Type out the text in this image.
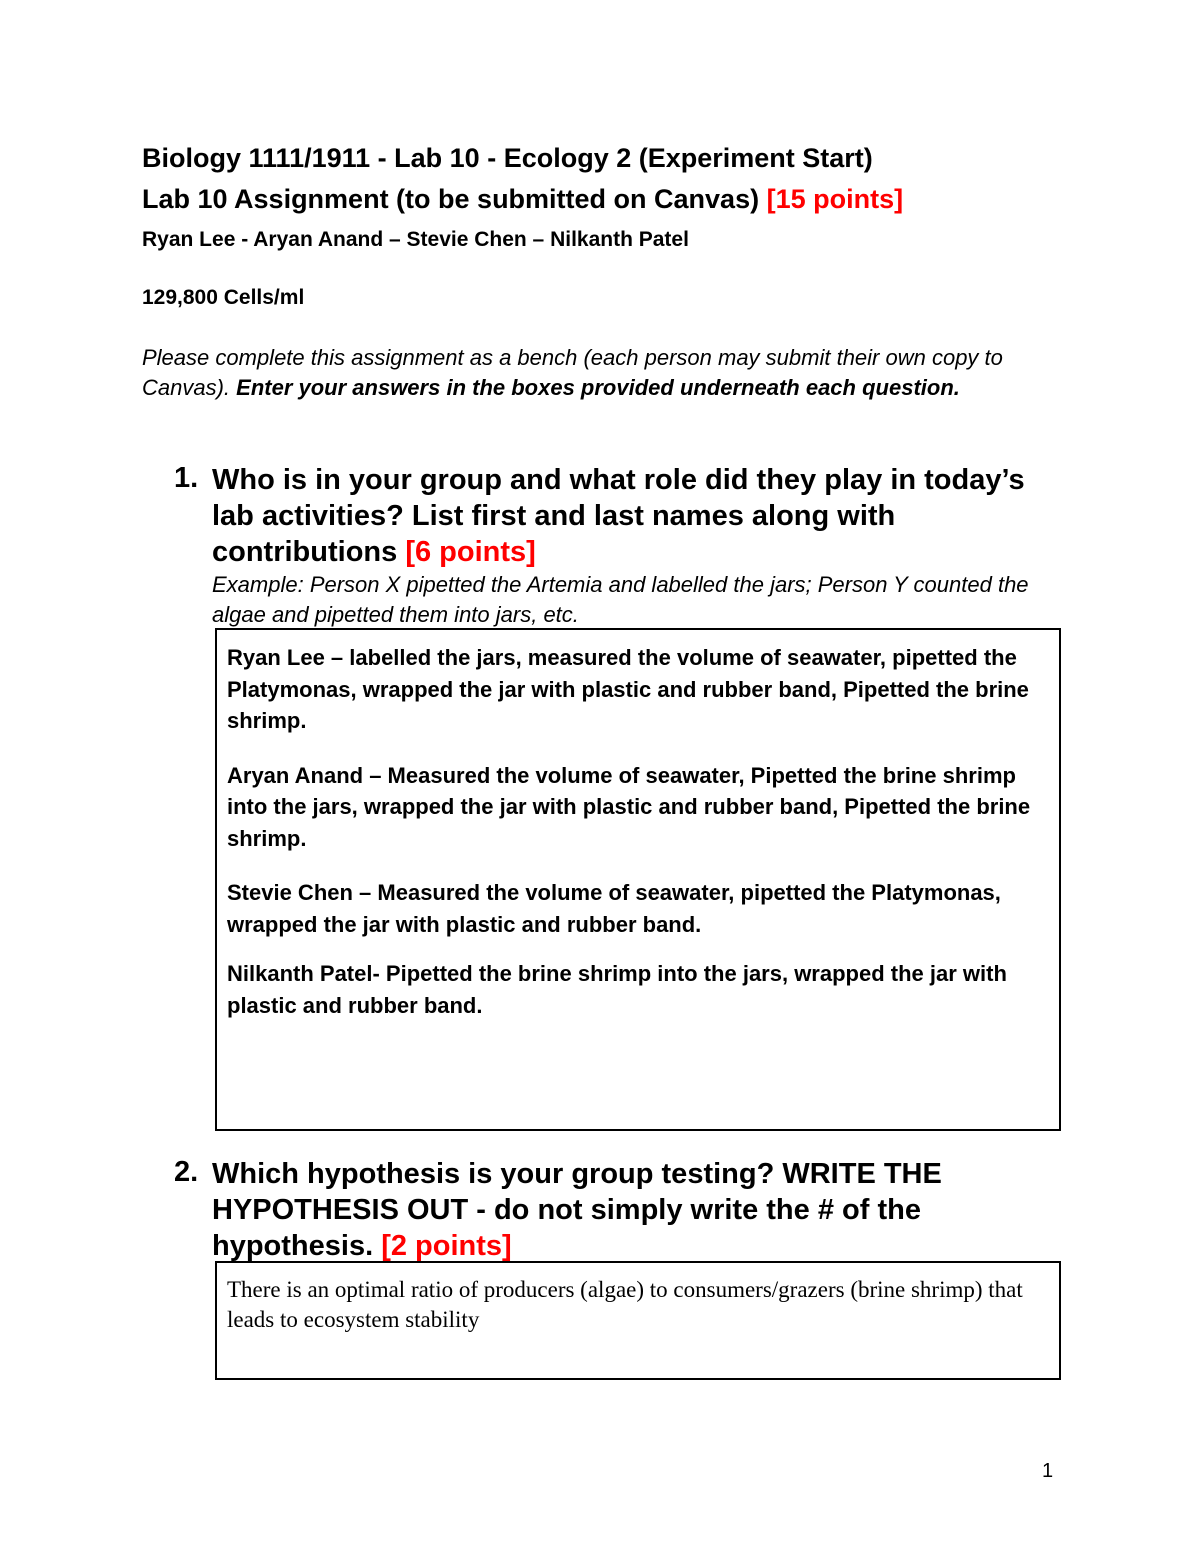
Biology 1111/1911 - Lab 10 - Ecology 2 (Experiment Start)
Lab 10 Assignment (to be submitted on Canvas) [15 points]
Ryan Lee - Aryan Anand – Stevie Chen – Nilkanth Patel
129,800 Cells/ml
Please complete this assignment as a bench (each person may submit their own copy to Canvas). Enter your answers in the boxes provided underneath each question.
1. Who is in your group and what role did they play in today’s lab activities? List first and last names along with contributions [6 points]
Example: Person X pipetted the Artemia and labelled the jars; Person Y counted the algae and pipetted them into jars, etc.
Ryan Lee – labelled the jars, measured the volume of seawater, pipetted the Platymonas, wrapped the jar with plastic and rubber band, Pipetted the brine shrimp.
Aryan Anand – Measured the volume of seawater, Pipetted the brine shrimp into the jars, wrapped the jar with plastic and rubber band, Pipetted the brine shrimp.
Stevie Chen – Measured the volume of seawater, pipetted the Platymonas, wrapped the jar with plastic and rubber band.
Nilkanth Patel- Pipetted the brine shrimp into the jars, wrapped the jar with plastic and rubber band.
2. Which hypothesis is your group testing? WRITE THE HYPOTHESIS OUT - do not simply write the # of the hypothesis. [2 points]
There is an optimal ratio of producers (algae) to consumers/grazers (brine shrimp) that leads to ecosystem stability
1
